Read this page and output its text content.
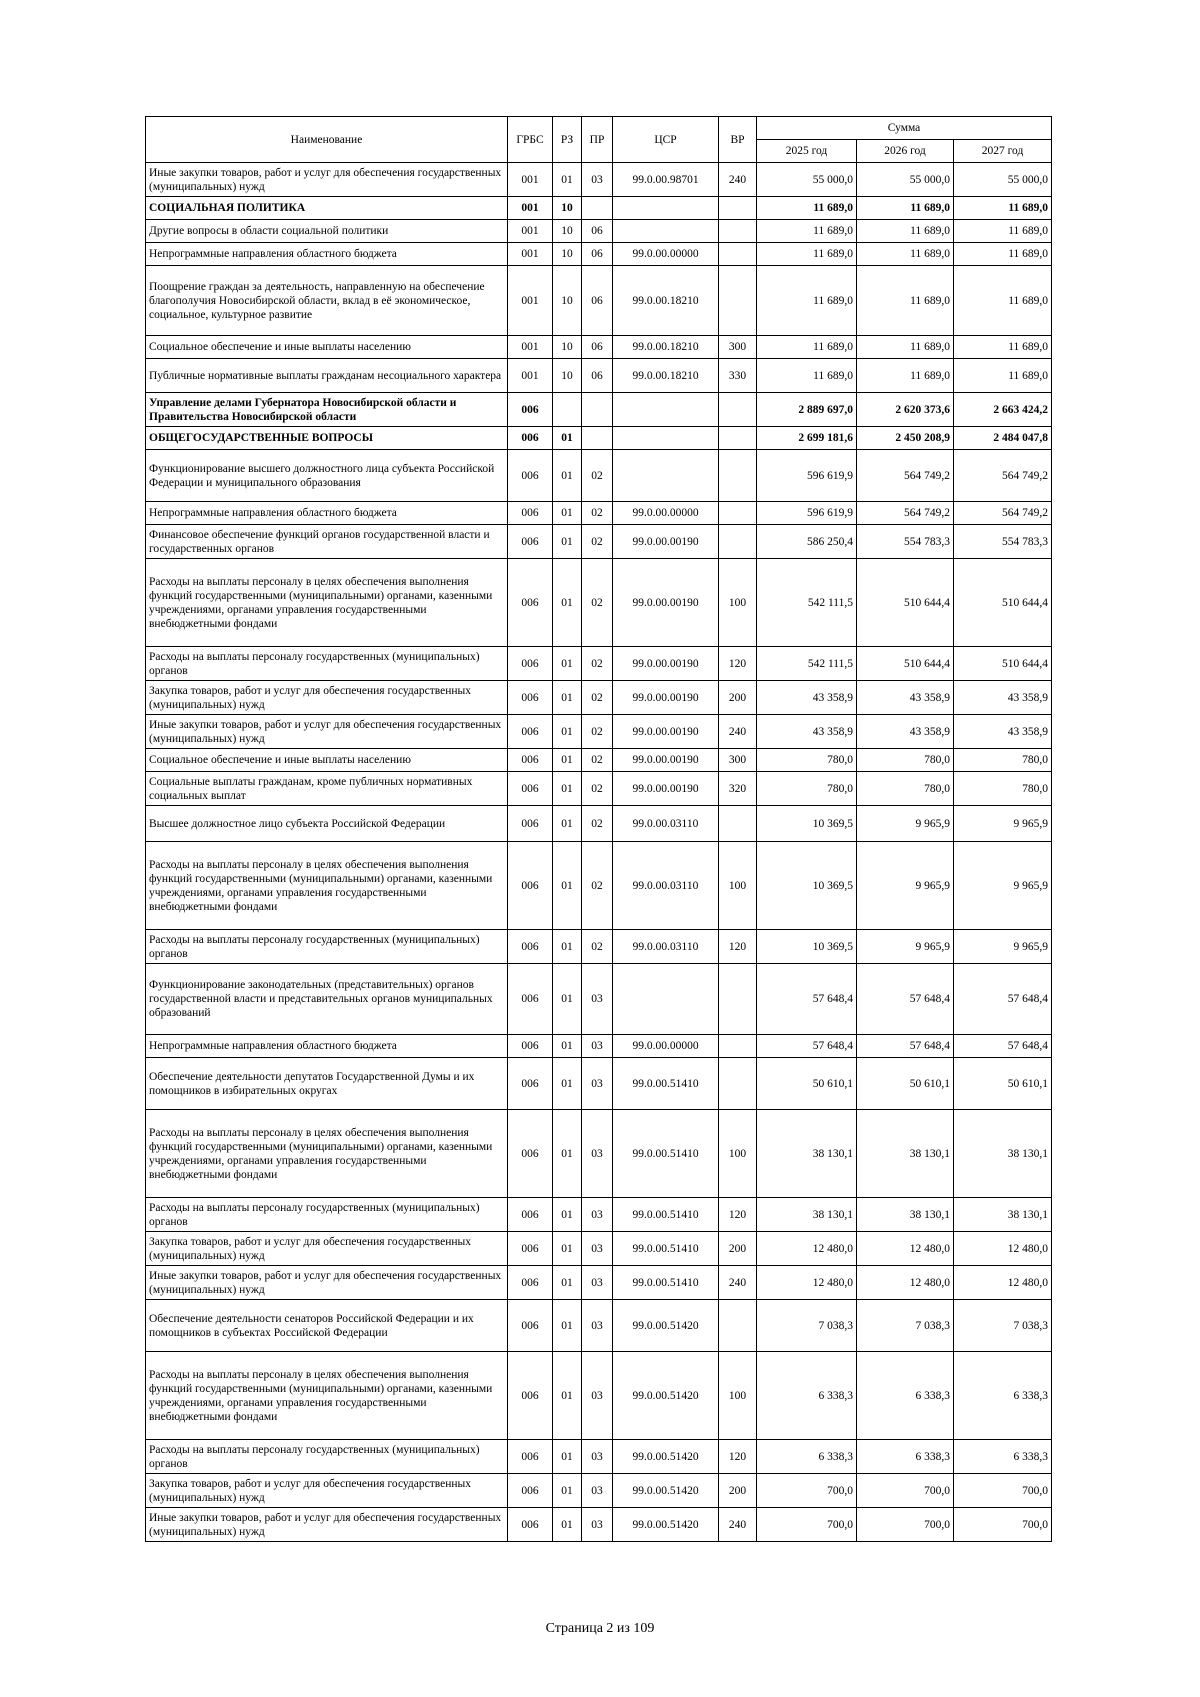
Наименование	ГРБС	РЗ	ПР	ЦСР	ВР	Сумма		
						2025 год	2026 год	2027 год
Иные закупки товаров, работ и услуг для обеспечения государственных (муниципальных) нужд	001	01	03	99.0.00.98701	240	55 000,0	55 000,0	55 000,0
СОЦИАЛЬНАЯ ПОЛИТИКА	001	10				11 689,0	11 689,0	11 689,0
Другие вопросы в области социальной политики	001	10	06			11 689,0	11 689,0	11 689,0
Непрограммные направления областного бюджета	001	10	06	99.0.00.00000		11 689,0	11 689,0	11 689,0
Поощрение граждан за деятельность, направленную на обеспечение благополучия Новосибирской области, вклад в её экономическое, социальное, культурное развитие	001	10	06	99.0.00.18210		11 689,0	11 689,0	11 689,0
Социальное обеспечение и иные выплаты населению	001	10	06	99.0.00.18210	300	11 689,0	11 689,0	11 689,0
Публичные нормативные выплаты гражданам несоциального характера	001	10	06	99.0.00.18210	330	11 689,0	11 689,0	11 689,0
Управление делами Губернатора Новосибирской области и Правительства Новосибирской области	006					2 889 697,0	2 620 373,6	2 663 424,2
ОБЩЕГОСУДАРСТВЕННЫЕ ВОПРОСЫ	006	01				2 699 181,6	2 450 208,9	2 484 047,8
Функционирование высшего должностного лица субъекта Российской Федерации и муниципального образования	006	01	02			596 619,9	564 749,2	564 749,2
Непрограммные направления областного бюджета	006	01	02	99.0.00.00000		596 619,9	564 749,2	564 749,2
Финансовое обеспечение функций органов государственной власти и государственных органов	006	01	02	99.0.00.00190		586 250,4	554 783,3	554 783,3
Расходы на выплаты персоналу в целях обеспечения выполнения функций государственными (муниципальными) органами, казенными учреждениями, органами управления государственными внебюджетными фондами	006	01	02	99.0.00.00190	100	542 111,5	510 644,4	510 644,4
Расходы на выплаты персоналу государственных (муниципальных) органов	006	01	02	99.0.00.00190	120	542 111,5	510 644,4	510 644,4
Закупка товаров, работ и услуг для обеспечения государственных (муниципальных) нужд	006	01	02	99.0.00.00190	200	43 358,9	43 358,9	43 358,9
Иные закупки товаров, работ и услуг для обеспечения государственных (муниципальных) нужд	006	01	02	99.0.00.00190	240	43 358,9	43 358,9	43 358,9
Социальное обеспечение и иные выплаты населению	006	01	02	99.0.00.00190	300	780,0	780,0	780,0
Социальные выплаты гражданам, кроме публичных нормативных социальных выплат	006	01	02	99.0.00.00190	320	780,0	780,0	780,0
Высшее должностное лицо субъекта Российской Федерации	006	01	02	99.0.00.03110		10 369,5	9 965,9	9 965,9
Расходы на выплаты персоналу в целях обеспечения выполнения функций государственными (муниципальными) органами, казенными учреждениями, органами управления государственными внебюджетными фондами	006	01	02	99.0.00.03110	100	10 369,5	9 965,9	9 965,9
Расходы на выплаты персоналу государственных (муниципальных) органов	006	01	02	99.0.00.03110	120	10 369,5	9 965,9	9 965,9
Функционирование законодательных (представительных) органов государственной власти и представительных органов муниципальных образований	006	01	03			57 648,4	57 648,4	57 648,4
Непрограммные направления областного бюджета	006	01	03	99.0.00.00000		57 648,4	57 648,4	57 648,4
Обеспечение деятельности депутатов Государственной Думы и их помощников в избирательных округах	006	01	03	99.0.00.51410		50 610,1	50 610,1	50 610,1
Расходы на выплаты персоналу в целях обеспечения выполнения функций государственными (муниципальными) органами, казенными учреждениями, органами управления государственными внебюджетными фондами	006	01	03	99.0.00.51410	100	38 130,1	38 130,1	38 130,1
Расходы на выплаты персоналу государственных (муниципальных) органов	006	01	03	99.0.00.51410	120	38 130,1	38 130,1	38 130,1
Закупка товаров, работ и услуг для обеспечения государственных (муниципальных) нужд	006	01	03	99.0.00.51410	200	12 480,0	12 480,0	12 480,0
Иные закупки товаров, работ и услуг для обеспечения государственных (муниципальных) нужд	006	01	03	99.0.00.51410	240	12 480,0	12 480,0	12 480,0
Обеспечение деятельности сенаторов Российской Федерации и их помощников в субъектах Российской Федерации	006	01	03	99.0.00.51420		7 038,3	7 038,3	7 038,3
Расходы на выплаты персоналу в целях обеспечения выполнения функций государственными (муниципальными) органами, казенными учреждениями, органами управления государственными внебюджетными фондами	006	01	03	99.0.00.51420	100	6 338,3	6 338,3	6 338,3
Расходы на выплаты персоналу государственных (муниципальных) органов	006	01	03	99.0.00.51420	120	6 338,3	6 338,3	6 338,3
Закупка товаров, работ и услуг для обеспечения государственных (муниципальных) нужд	006	01	03	99.0.00.51420	200	700,0	700,0	700,0
Иные закупки товаров, работ и услуг для обеспечения государственных (муниципальных) нужд	006	01	03	99.0.00.51420	240	700,0	700,0	700,0
Страница 2 из 109
